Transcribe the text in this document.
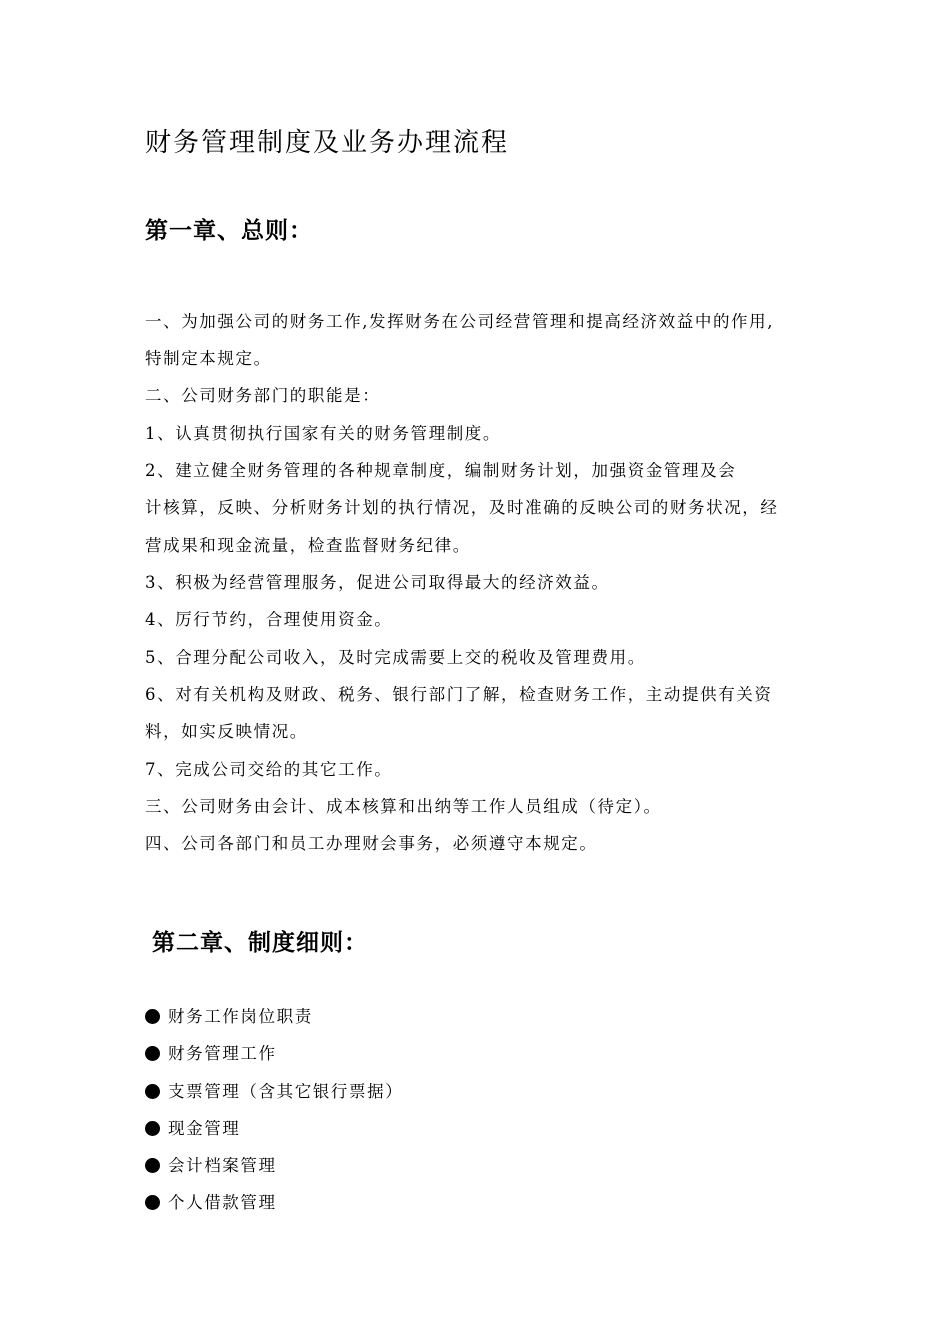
财务管理制度及业务办理流程
第一章、总则：
一、为加强公司的财务工作,发挥财务在公司经营管理和提高经济效益中的作用,
特制定本规定。
二、公司财务部门的职能是：
1、认真贯彻执行国家有关的财务管理制度。
2、建立健全财务管理的各种规章制度，编制财务计划，加强资金管理及会
计核算，反映、分析财务计划的执行情况，及时准确的反映公司的财务状况，经
营成果和现金流量，检查监督财务纪律。
3、积极为经营管理服务，促进公司取得最大的经济效益。
4、厉行节约，合理使用资金。
5、合理分配公司收入，及时完成需要上交的税收及管理费用。
6、对有关机构及财政、税务、银行部门了解，检查财务工作，主动提供有关资
料，如实反映情况。
7、完成公司交给的其它工作。
三、公司财务由会计、成本核算和出纳等工作人员组成（待定）。
四、公司各部门和员工办理财会事务，必须遵守本规定。
第二章、制度细则：
财务工作岗位职责
财务管理工作
支票管理（含其它银行票据）
现金管理
会计档案管理
个人借款管理
